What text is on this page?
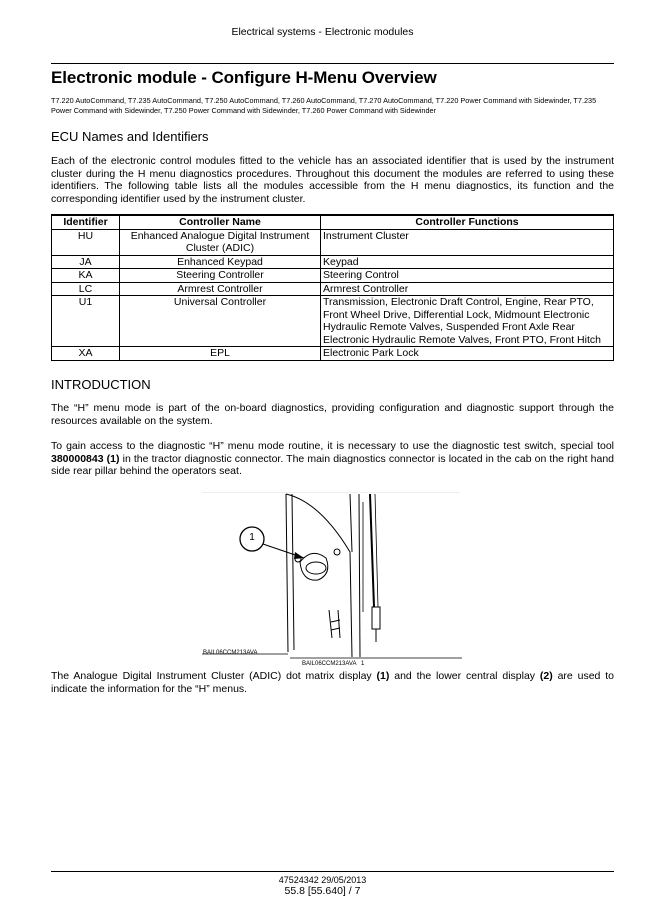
Electrical systems - Electronic modules
Electronic module - Configure H-Menu Overview
T7.220 AutoCommand, T7.235 AutoCommand, T7.250 AutoCommand, T7.260 AutoCommand, T7.270 AutoCommand, T7.220 Power Command with Sidewinder, T7.235 Power Command with Sidewinder, T7.250 Power Command with Sidewinder, T7.260 Power Command with Sidewinder
ECU Names and Identifiers
Each of the electronic control modules fitted to the vehicle has an associated identifier that is used by the instrument cluster during the H menu diagnostics procedures. Throughout this document the modules are referred to using these identifiers. The following table lists all the modules accessible from the H menu diagnostics, its function and the corresponding identifier used by the instrument cluster.
Identifier	Controller Name	Controller Functions
HU	Enhanced Analogue Digital Instrument Cluster (ADIC)	Instrument Cluster
JA	Enhanced Keypad	Keypad
KA	Steering Controller	Steering Control
LC	Armrest Controller	Armrest Controller
U1	Universal Controller	Transmission, Electronic Draft Control, Engine, Rear PTO, Front Wheel Drive, Differential Lock, Midmount Electronic Hydraulic Remote Valves, Suspended Front Axle Rear Electronic Hydraulic Remote Valves, Front PTO, Front Hitch
XA	EPL	Electronic Park Lock
INTRODUCTION
The “H” menu mode is part of the on-board diagnostics, providing configuration and diagnostic support through the resources available on the system.
To gain access to the diagnostic “H” menu mode routine, it is necessary to use the diagnostic test switch, special tool 380000843 (1) in the tractor diagnostic connector. The main diagnostics connector is located in the cab on the right hand side rear pillar behind the operators seat.
1
BAIL06CCM213AVA
BAIL06CCM213AVA 1
The Analogue Digital Instrument Cluster (ADIC) dot matrix display (1) and the lower central display (2) are used to indicate the information for the “H” menus.
47524342 29/05/2013
55.8 [55.640] / 7
